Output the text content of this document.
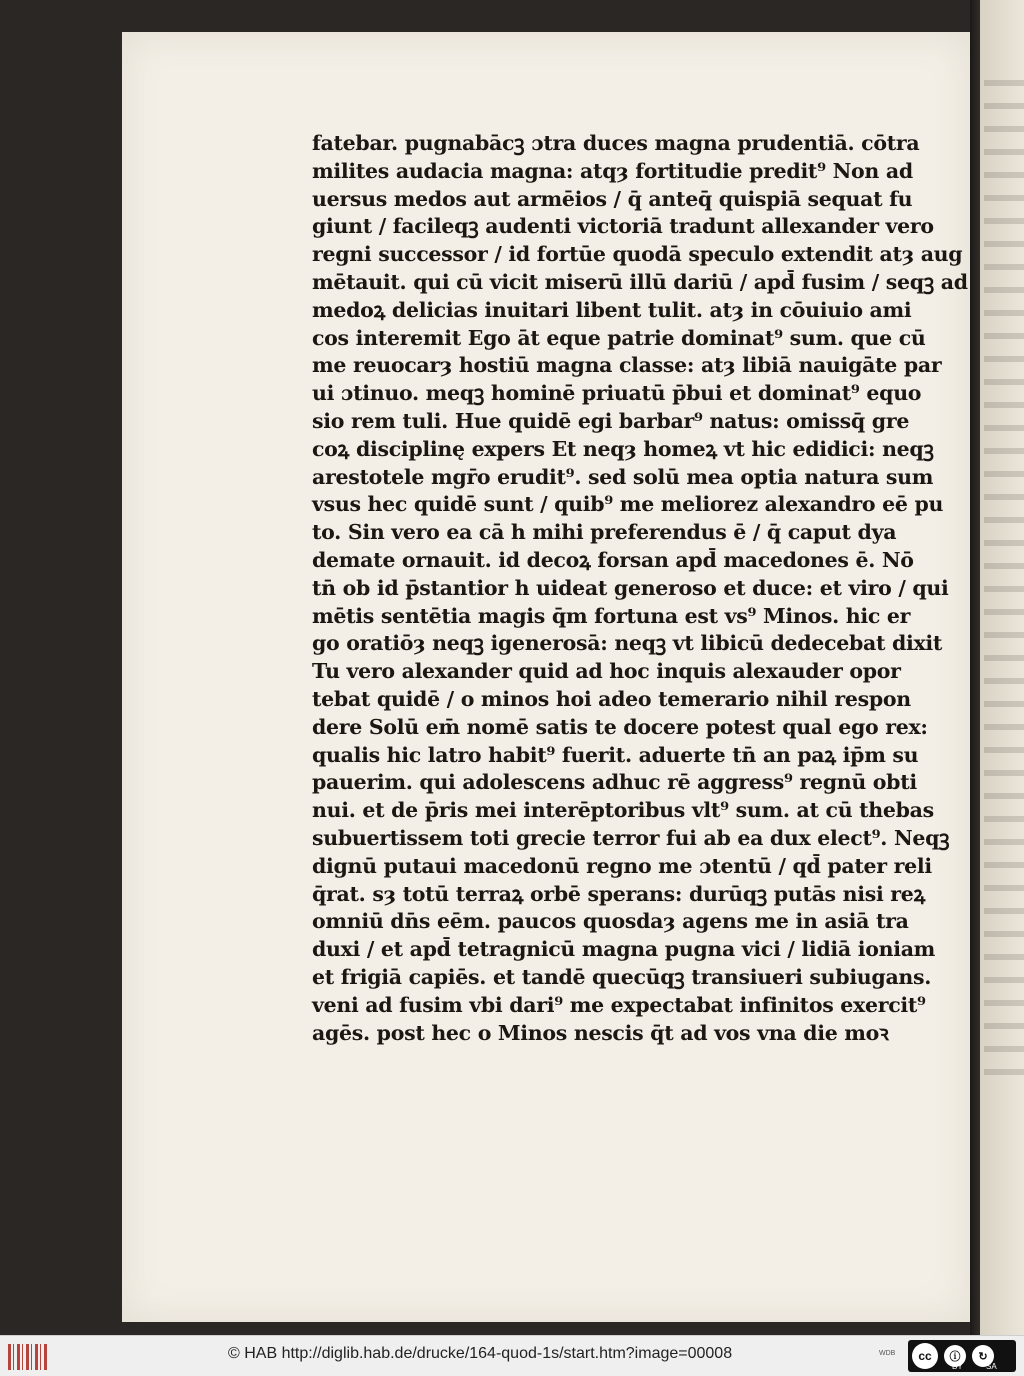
fatebar. pugnabācꝫ ɔtra duces magna prudentiā. cōtra
milites audacia magna: atqȝ fortitudie predit⁹ Non ad
uersus medos aut armēios / q̄ anteq̄ quispiā sequat fu
giunt / facileqꝫ audenti victoriā tradunt allexander vero
regni successor / id fortūe quodā speculo extendit atȝ aug
mētauit. qui cū vicit miserū illū dariū / apd̄ fusim / seqꝫ ad
medoꝝ delicias inuitari libent tulit. atȝ in cōuiuio ami
cos interemit Ego āt eque patrie dominat⁹ sum. que cū
me reuocarȝ hostiū magna classe: atȝ libiā nauigāte par
ui ɔtinuo. meqꝫ hominē priuatū p̄bui et dominat⁹ equo
sio rem tuli. Hue quidē egi barbar⁹ natus: omissq̄ gre
coꝝ disciplinę expers Et neqȝ homeꝝ vt hic edidici: neqꝫ
arestotele mgr̄o erudit⁹. sed solū mea optia natura sum
vsus hec quidē sunt / quib⁹ me meliorez alexandro eē pu
to. Sin vero ea cā h mihi preferendus ē / q̄ caput dya
demate ornauit. id decoꝝ forsan apd̄ macedones ē. Nō
tn̄ ob id p̄stantior h uideat generoso et duce: et viro / qui
mētis sentētia magis q̄m fortuna est vs⁹ Minos. hic er
go oratiōȝ neqꝫ igenerosā: neqꝫ vt libicū dedecebat dixit
Tu vero alexander quid ad hoc inquis alexauder opor
tebat quidē / o minos hoi adeo temerario nihil respon
dere Solū em̄ nomē satis te docere potest qual ego rex:
qualis hic latro habit⁹ fuerit. aduerte tn̄ an paꝝ ip̄m su
pauerim. qui adolescens adhuc rē aggress⁹ regnū obti
nui. et de p̄ris mei interēptoribus vlt⁹ sum. at cū thebas
subuertissem toti grecie terror fui ab ea dux elect⁹. Neqꝫ
dignū putaui macedonū regno me ɔtentū / qd̄ pater reli
q̄rat. sȝ totū terraꝝ orbē sperans: durūqꝫ putās nisi reꝝ
omniū dn̄s eēm. paucos quosdaȝ agens me in asiā tra
duxi / et apd̄ tetragnicū magna pugna vici / lidiā ioniam
et frigiā capiēs. et tandē quecūqꝫ transiueri subiugans.
veni ad fusim vbi dari⁹ me expectabat infinitos exercit⁹
agēs. post hec o Minos nescis q̄t ad vos vna die moꝛ
© HAB http://diglib.hab.de/drucke/164-quod-1s/start.htm?image=00008	WDB	cc	ⓘ	↻
BY	SA
